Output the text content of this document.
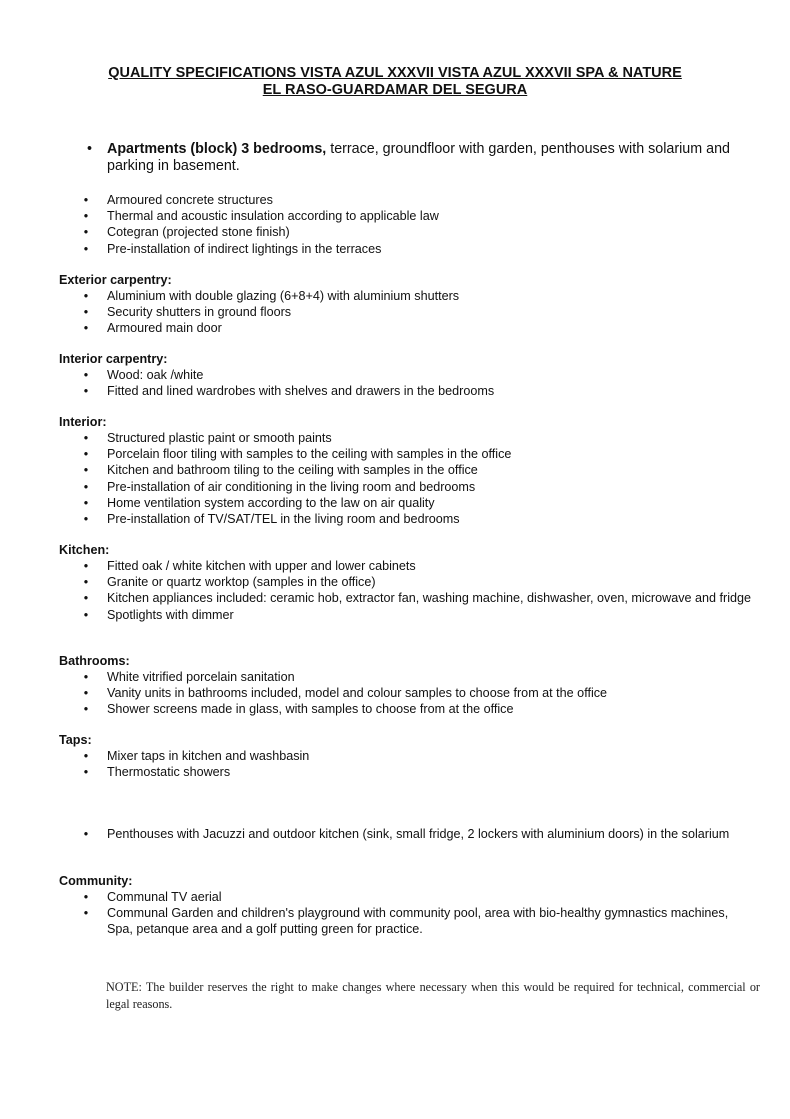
QUALITY SPECIFICATIONS VISTA AZUL XXXVII VISTA AZUL XXXVII SPA & NATURE
EL RASO-GUARDAMAR DEL SEGURA
•	Apartments (block) 3 bedrooms, terrace, groundfloor with garden, penthouses with solarium and parking in basement.
•	Armoured concrete structures
•	Thermal and acoustic insulation according to applicable law
•	Cotegran (projected stone finish)
•	Pre-installation of indirect lightings in the terraces
Exterior carpentry:
•	Aluminium with double glazing (6+8+4) with aluminium shutters
•	Security shutters in ground floors
•	Armoured main door
Interior carpentry:
•	Wood: oak /white
•	Fitted and lined wardrobes with shelves and drawers in the bedrooms
Interior:
•	Structured plastic paint or smooth paints
•	Porcelain floor tiling with samples to the ceiling with samples in the office
•	Kitchen and bathroom tiling to the ceiling with samples in the office
•	Pre-installation of air conditioning in the living room and bedrooms
•	Home ventilation system according to the law on air quality
•	Pre-installation of TV/SAT/TEL in the living room and bedrooms
Kitchen:
•	Fitted oak / white kitchen with upper and lower cabinets
•	Granite or quartz worktop (samples in the office)
•	Kitchen appliances included: ceramic hob, extractor fan, washing machine, dishwasher, oven, microwave and fridge
•	Spotlights with dimmer
Bathrooms:
•	White vitrified porcelain sanitation
•	Vanity units in bathrooms included, model and colour samples to choose from at the office
•	Shower screens made in glass, with samples to choose from at the office
Taps:
•	Mixer taps in kitchen and washbasin
•	Thermostatic showers
•	Penthouses with Jacuzzi and outdoor kitchen (sink, small fridge, 2 lockers with aluminium doors) in the solarium
Community:
•	Communal TV aerial
•	Communal Garden and children's playground with community pool, area with bio-healthy gymnastics machines, Spa, petanque area and a golf putting green for practice.

NOTE: The builder reserves the right to make changes where necessary when this would be required for technical, commercial or legal reasons.
